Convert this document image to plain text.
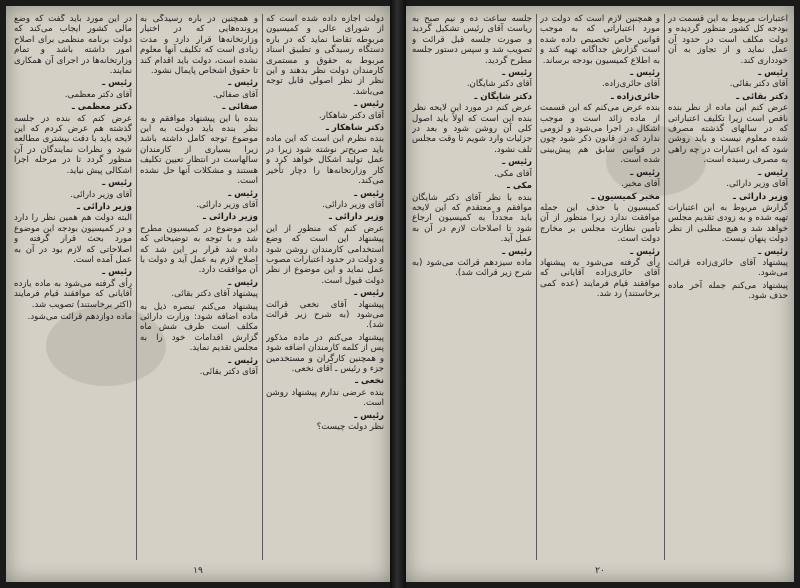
دولت اجازه داده شده است که از شورای عالی و کمیسیون مربوطه تقاضا نماید که در باره دستگاه رسیدگی و تطبیق اسناد مربوط به حقوق و مستمری کارمندان دولت نظر بدهند و این نظر از نظر اصولی قابل توجه می‌باشد.

رئیس ـ
آقای دکتر شاهکار.

دکتر شاهکار ـ
بنده نظرم این است که این ماده باید صریح‌تر نوشته شود زیرا در عمل تولید اشکال خواهد کرد و کار وزارتخانه‌ها را دچار تأخیر می‌کند.

رئیس ـ
آقای وزیر دارائی.

وزیر دارائی ـ
عرض کنم که منظور از این پیشنهاد این است که وضع استخدامی کارمندان روشن شود و دولت در حدود اعتبارات مصوب عمل نماید و این موضوع از نظر دولت قبول است.

رئیس ـ
پیشنهاد آقای نخعی قرائت می‌شود (به شرح زیر قرائت شد).

پیشنهاد می‌کنم در ماده مذکور پس از کلمه کارمندان اضافه شود و همچنین کارگران و مستخدمین جزء و رئیس ـ آقای نخعی.

نخعی ـ
بنده عرضی ندارم پیشنهاد روشن است.

رئیس ـ
نظر دولت چیست؟

و همچنین در باره رسیدگی به پرونده‌هایی که در اختیار وزارتخانه‌ها قرار دارد و مدت زیادی است که تکلیف آنها معلوم نشده است، دولت باید اقدام کند تا حقوق اشخاص پایمال نشود.

رئیس ـ
آقای صفائی.

صفائی ـ
بنده با این پیشنهاد موافقم و به نظر بنده باید دولت به این موضوع توجه کامل داشته باشد زیرا بسیاری از کارمندان سالهاست در انتظار تعیین تکلیف هستند و مشکلات آنها حل نشده است.

رئیس ـ
آقای وزیر دارائی.

وزیر دارائی ـ
این موضوع در کمیسیون مطرح شد و با توجه به توضیحاتی که داده شد قرار بر این شد که اصلاح لازم به عمل آید و دولت با آن موافقت دارد.

رئیس ـ
پیشنهاد آقای دکتر بقائی.

پیشنهاد می‌کنم تبصره ذیل به ماده اضافه شود: وزارت دارائی مکلف است ظرف شش ماه گزارش اقدامات خود را به مجلس تقدیم نماید.

رئیس ـ
آقای دکتر بقائی.

در این مورد باید گفت که وضع مالی کشور ایجاب می‌کند که دولت برنامه منظمی برای اصلاح امور داشته باشد و تمام وزارتخانه‌ها در اجرای آن همکاری نمایند.

رئیس ـ
آقای دکتر معظمی.

دکتر معظمی ـ
عرض کنم که بنده در جلسه گذشته هم عرض کردم که این لایحه باید با دقت بیشتری مطالعه شود و نظرات نمایندگان در آن منظور گردد تا در مرحله اجرا اشکالی پیش نیاید.

رئیس ـ
آقای وزیر دارائی.

وزیر دارائی ـ
البته دولت هم همین نظر را دارد و در کمیسیون بودجه این موضوع مورد بحث قرار گرفته و اصلاحاتی که لازم بود در آن به عمل آمده است.

رئیس ـ
رأی گرفته می‌شود به ماده یازده آقایانی که موافقند قیام فرمایند (اکثر برخاستند) تصویب شد.

ماده دوازدهم قرائت می‌شود.

۱۹

اعتبارات مربوط به این قسمت در بودجه کل کشور منظور گردیده و دولت مکلف است در حدود آن عمل نماید و از تجاوز به آن خودداری کند.

رئیس ـ
آقای دکتر بقائی.

دکتر بقائی ـ
عرض کنم این ماده از نظر بنده ناقص است زیرا تکلیف اعتباراتی که در سالهای گذشته مصرف شده معلوم نیست و باید روشن شود که این اعتبارات در چه راهی به مصرف رسیده است.

رئیس ـ
آقای وزیر دارائی.

وزیر دارائی ـ
گزارش مربوط به این اعتبارات تهیه شده و به زودی تقدیم مجلس خواهد شد و هیچ مطلبی از نظر دولت پنهان نیست.

رئیس ـ
پیشنهاد آقای حائری‌زاده قرائت می‌شود.

پیشنهاد می‌کنم جمله آخر ماده حذف شود.

و همچنین لازم است که دولت در مورد اعتباراتی که به موجب قوانین خاص تخصیص داده شده است گزارش جداگانه تهیه کند و به اطلاع کمیسیون بودجه برساند.

رئیس ـ
آقای حائری‌زاده.

حائری‌زاده ـ
بنده عرض می‌کنم که این قسمت از ماده زائد است و موجب اشکال در اجرا می‌شود و لزومی ندارد که در قانون ذکر شود چون در قوانین سابق هم پیش‌بینی شده است.

رئیس ـ
آقای مخبر.

مخبر کمیسیون ـ
کمیسیون با حذف این جمله موافقت ندارد زیرا منظور از آن تأمین نظارت مجلس بر مخارج دولت است.

رئیس ـ
رأی گرفته می‌شود به پیشنهاد آقای حائری‌زاده آقایانی که موافقند قیام فرمایند (عده کمی برخاستند) رد شد.

جلسه ساعت ده و نیم صبح به ریاست آقای رئیس تشکیل گردید و صورت جلسه قبل قرائت و تصویب شد و سپس دستور جلسه مطرح گردید.

رئیس ـ
آقای دکتر شایگان.

دکتر شایگان ـ
عرض کنم در مورد این لایحه نظر بنده این است که اولاً باید اصول کلی آن روشن شود و بعد در جزئیات وارد شویم تا وقت مجلس تلف نشود.

رئیس ـ
آقای مکی.

مکی ـ
بنده با نظر آقای دکتر شایگان موافقم و معتقدم که این لایحه باید مجدداً به کمیسیون ارجاع شود تا اصلاحات لازم در آن به عمل آید.

رئیس ـ
ماده سیزدهم قرائت می‌شود (به شرح زیر قرائت شد).

۲۰
